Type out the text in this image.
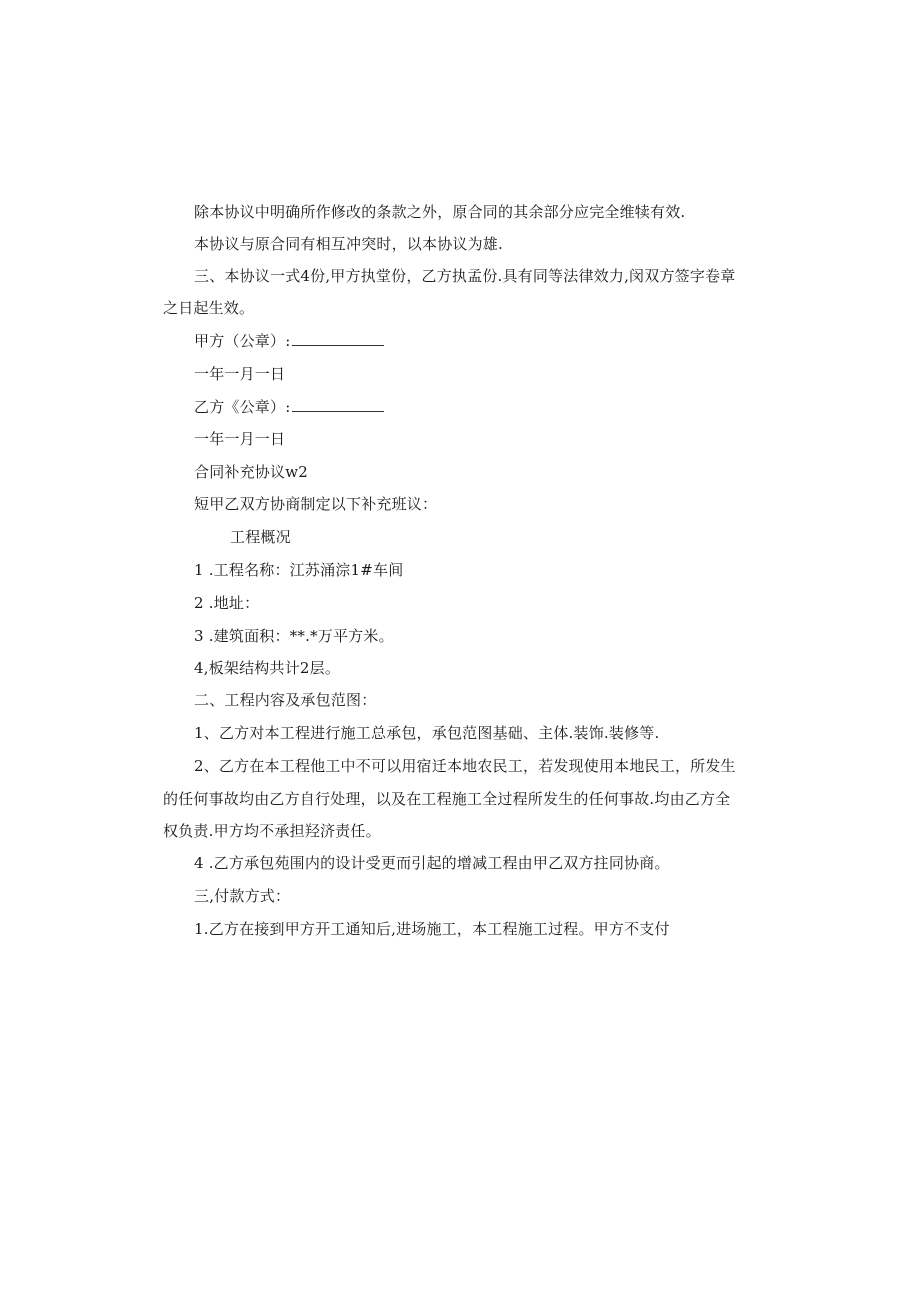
除本协议中明确所作修改的条款之外，原合同的其余部分应完全维犊有效.
本协议与原合同有相互冲突时，以本协议为雄.
三、本协议一式4份,甲方执堂份，乙方执孟份.具有同等法律效力,闵双方签字卷章
之日起生效。
甲方（公章）:
一年一月一日
乙方《公章）:
一年一月一日
合同补充协议w2
短甲乙双方协商制定以下补充班议：
工程概况
1 .工程名称：江苏涌淙1#车间
2 .地址：
3 .建筑面积：**.*万平方米。
4,板架结构共计2层。
二、工程内容及承包范图：
1、乙方对本工程进行施工总承包，承包范图基础、主体.装饰.装修等.
2、乙方在本工程他工中不可以用宿迁本地农民工，若发现使用本地民工，所发生
的任何事故均由乙方自行处理，以及在工程施工全过程所发生的任何事故.均由乙方全
权负责.甲方均不承担羟济责任。
4 .乙方承包苑围内的设计受更而引起的增减工程由甲乙双方拄同协商。
三,付款方式：
1.乙方在接到甲方开工通知后,进场施工，本工程施工过程。甲方不支付
